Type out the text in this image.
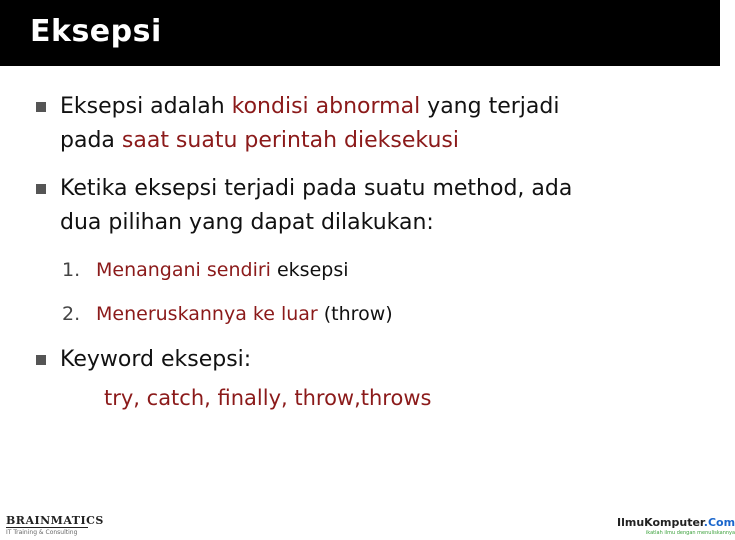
Eksepsi
Eksepsi adalah kondisi abnormal yang terjadi
pada saat suatu perintah dieksekusi
Ketika eksepsi terjadi pada suatu method, ada
dua pilihan yang dapat dilakukan:
1. Menangani sendiri eksepsi
2. Meneruskannya ke luar (throw)
Keyword eksepsi:
try, catch, finally, throw,throws
BRAINMATICS
IT Training & Consulting
IlmuKomputer.Com
ikatlah ilmu dengan menuliskannya
